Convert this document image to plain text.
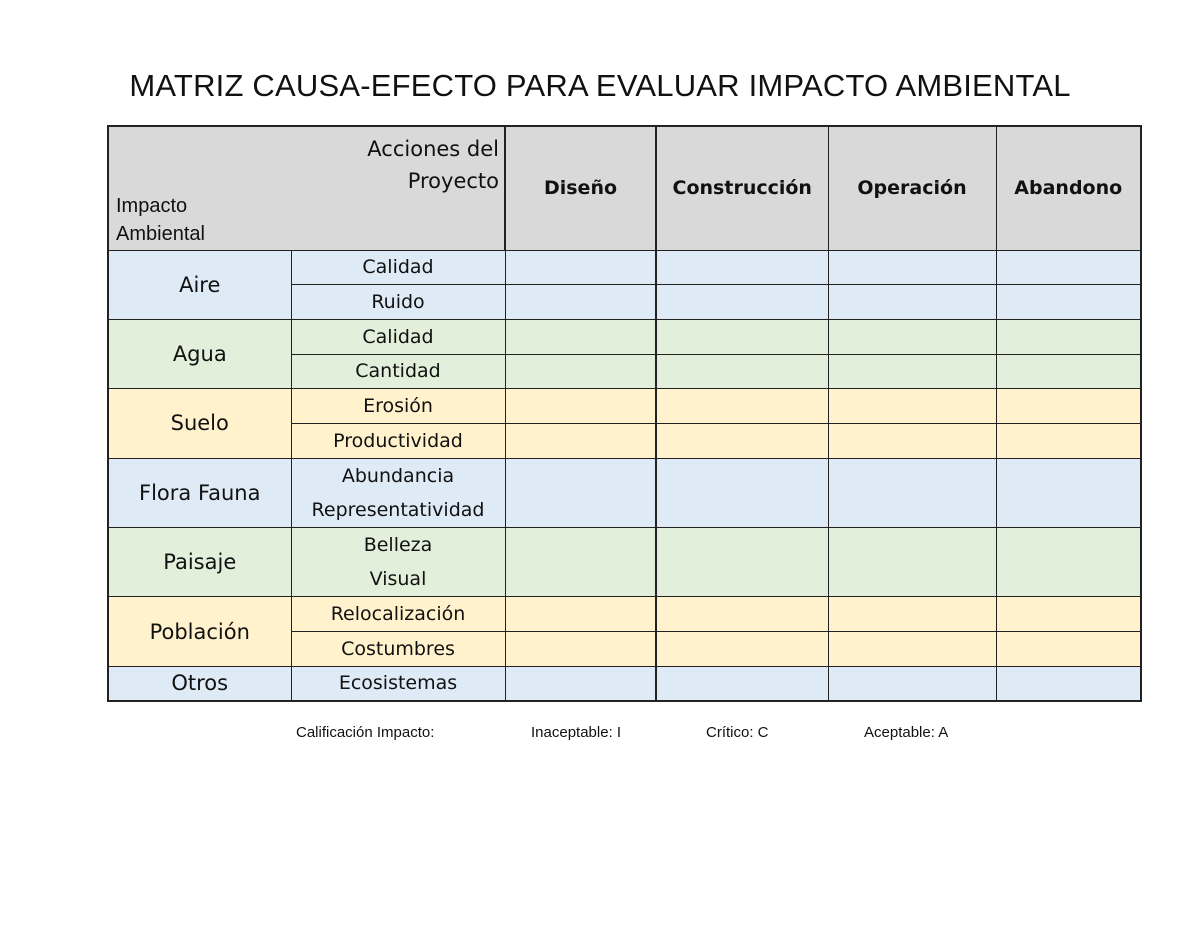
MATRIZ CAUSA-EFECTO PARA EVALUAR IMPACTO AMBIENTAL
Acciones del
Proyecto
Impacto
Ambiental		Diseño	Construcción	Operación	Abandono
Aire	Calidad				
	Ruido				
Agua	Calidad				
	Cantidad				
Suelo	Erosión				
	Productividad				
Flora Fauna	Abundancia				
	Representatividad				
Paisaje	Belleza				
	Visual				
Población	Relocalización				
	Costumbres				
Otros	Ecosistemas				
Calificación Impacto:	Inaceptable: I	Crítico: C	Aceptable: A
